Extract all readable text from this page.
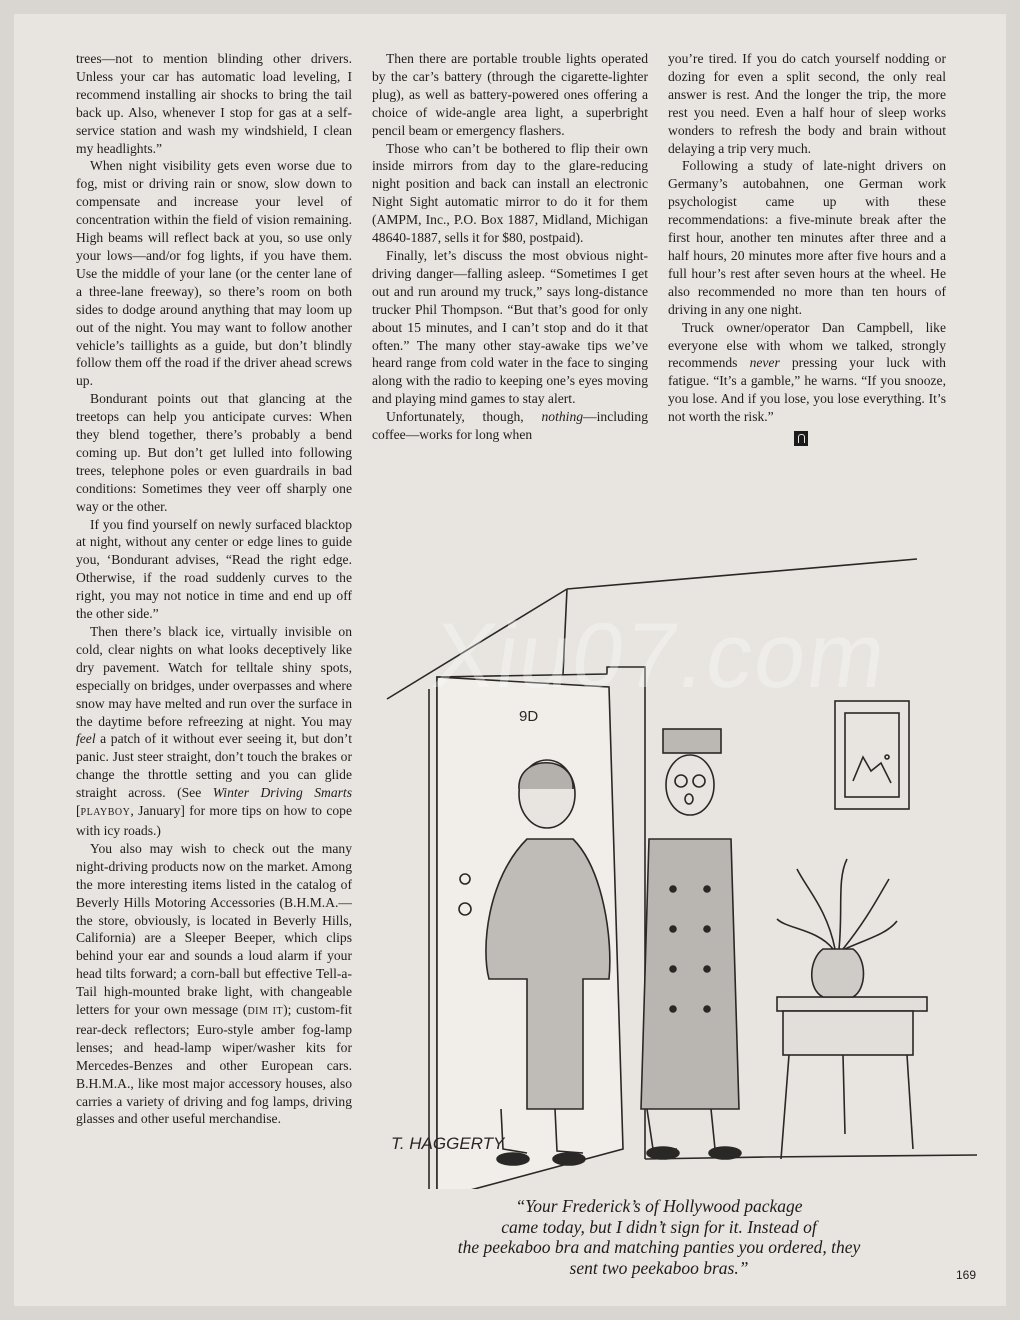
trees—not to mention blinding other drivers. Unless your car has automatic load leveling, I recommend installing air shocks to bring the tail back up. Also, whenever I stop for gas at a self-service station and wash my windshield, I clean my headlights.”

When night visibility gets even worse due to fog, mist or driving rain or snow, slow down to compensate and increase your level of concentration within the field of vision remaining. High beams will reflect back at you, so use only your lows—and/or fog lights, if you have them. Use the middle of your lane (or the center lane of a three-lane freeway), so there’s room on both sides to dodge around anything that may loom up out of the night. You may want to follow another vehicle’s taillights as a guide, but don’t blindly follow them off the road if the driver ahead screws up.

Bondurant points out that glancing at the treetops can help you anticipate curves: When they blend together, there’s probably a bend coming up. But don’t get lulled into following trees, telephone poles or even guardrails in bad conditions: Sometimes they veer off sharply one way or the other.

If you find yourself on newly surfaced blacktop at night, without any center or edge lines to guide you, ‘Bondurant advises, “Read the right edge. Otherwise, if the road suddenly curves to the right, you may not notice in time and end up off the other side.”

Then there’s black ice, virtually invisible on cold, clear nights on what looks deceptively like dry pavement. Watch for telltale shiny spots, especially on bridges, under overpasses and where snow may have melted and run over the surface in the daytime before refreezing at night. You may feel a patch of it without ever seeing it, but don’t panic. Just steer straight, don’t touch the brakes or change the throttle setting and you can glide straight across. (See Winter Driving Smarts [PLAYBOY, January] for more tips on how to cope with icy roads.)

You also may wish to check out the many night-driving products now on the market. Among the more interesting items listed in the catalog of Beverly Hills Motoring Accessories (B.H.M.A.—the store, obviously, is located in Beverly Hills, California) are a Sleeper Beeper, which clips behind your ear and sounds a loud alarm if your head tilts forward; a corn-ball but effective Tell-a-Tail high-mounted brake light, with changeable letters for your own message (DIM IT); custom-fit rear-deck reflectors; Euro-style amber fog-lamp lenses; and head-lamp wiper/washer kits for Mercedes-Benzes and other European cars. B.H.M.A., like most major accessory houses, also carries a variety of driving and fog lamps, driving glasses and other useful merchandise.

Then there are portable trouble lights operated by the car’s battery (through the cigarette-lighter plug), as well as battery-powered ones offering a choice of wide-angle area light, a superbright pencil beam or emergency flashers.

Those who can’t be bothered to flip their own inside mirrors from day to the glare-reducing night position and back can install an electronic Night Sight automatic mirror to do it for them (AMPM, Inc., P.O. Box 1887, Midland, Michigan 48640-1887, sells it for $80, postpaid).

Finally, let’s discuss the most obvious night-driving danger—falling asleep. “Sometimes I get out and run around my truck,” says long-distance trucker Phil Thompson. “But that’s good for only about 15 minutes, and I can’t stop and do it that often.” The many other stay-awake tips we’ve heard range from cold water in the face to singing along with the radio to keeping one’s eyes moving and playing mind games to stay alert.

Unfortunately, though, nothing—including coffee—works for long when

you’re tired. If you do catch yourself nodding or dozing for even a split second, the only real answer is rest. And the longer the trip, the more rest you need. Even a half hour of sleep works wonders to refresh the body and brain without delaying a trip very much.

Following a study of late-night drivers on Germany’s autobahnen, one German work psychologist came up with these recommendations: a five-minute break after the first hour, another ten minutes after three and a half hours, 20 minutes more after five hours and a full hour’s rest after seven hours at the wheel. He also recommended no more than ten hours of driving in any one night.

Truck owner/operator Dan Campbell, like everyone else with whom we talked, strongly recommends never pressing your luck with fatigue. “It’s a gamble,” he warns. “If you snooze, you lose. And if you lose, you lose everything. It’s not worth the risk.”

9D
T. HAGGERTY
“Your Frederick’s of Hollywood package
came today, but I didn’t sign for it. Instead of
the peekaboo bra and matching panties you ordered, they
sent two peekaboo bras.”
Xiu07.com
169
